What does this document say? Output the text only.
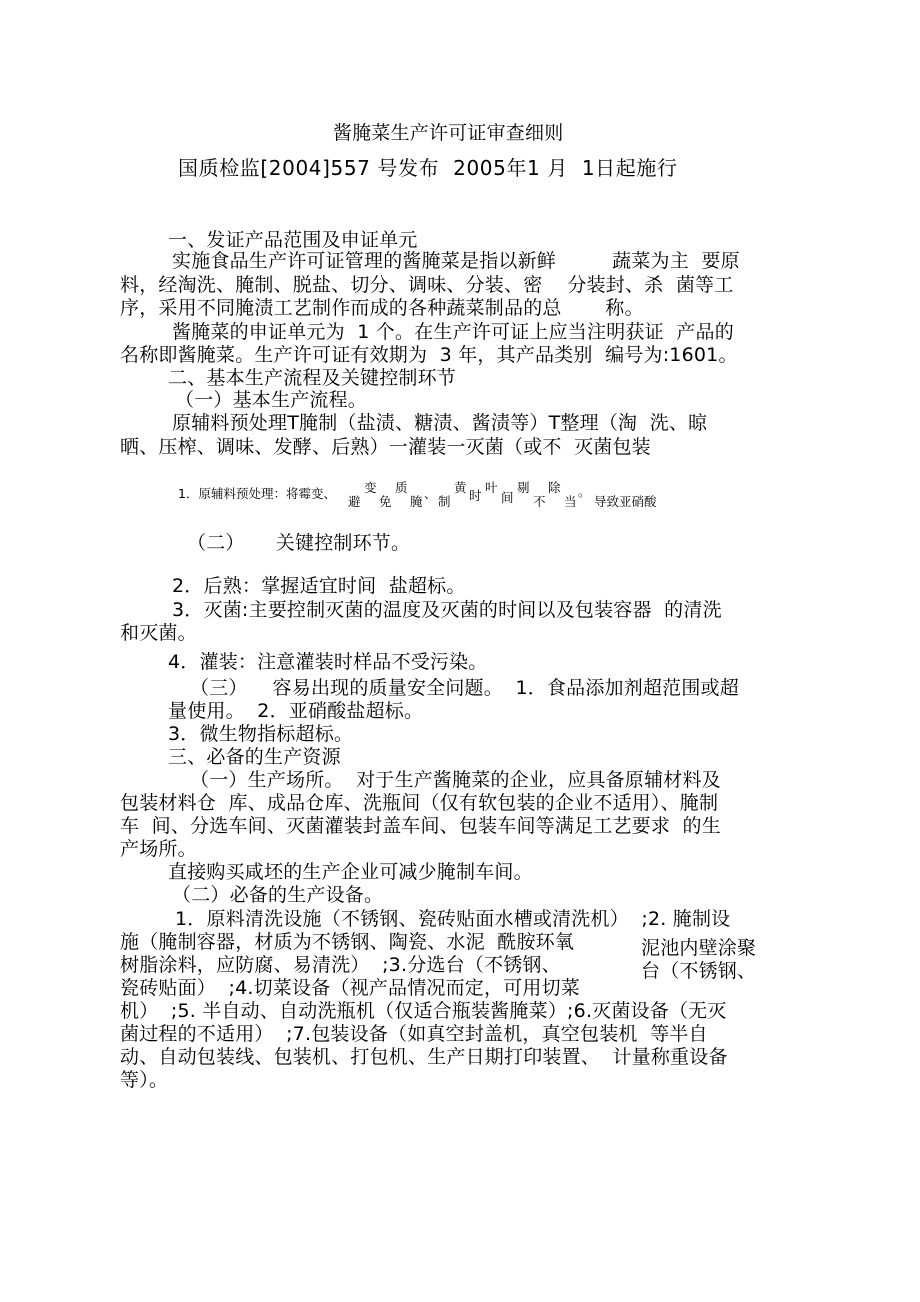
酱腌菜生产许可证审查细则
国质检监[2004]557 号发布  2005年1 月  1日起施行
一、发证产品范围及申证单元
实施食品生产许可证管理的酱腌菜是指以新鲜         蔬菜为主  要原
料，经淘洗、腌制、脱盐、切分、调味、分装、密    分装封、杀  菌等工
序，采用不同腌渍工艺制作而成的各种蔬菜制品的总       称。
酱腌菜的申证单元为  1 个。在生产许可证上应当注明获证  产品的
名称即酱腌菜。生产许可证有效期为  3 年，其产品类别  编号为:1601。
二、基本生产流程及关键控制环节
（一）基本生产流程。
原辅料预处理T腌制（盐渍、糖渍、酱渍等）T整理（淘  洗、晾
晒、压榨、调味、发酵、后熟）一灌装一灭菌（或不  灭菌包装
1．原辅料预处理：将霉变、
避
变
免
质
腌
、
制
黄
时
叶
间
剔
不
除
当
。
导致亚硝酸
（二）     关键控制环节。
2．后熟：掌握适宜时间  盐超标。
3．灭菌:主要控制灭菌的温度及灭菌的时间以及包装容器  的清洗
和灭菌。
4．灌装：注意灌装时样品不受污染。
（三）    容易出现的质量安全问题。  1．食品添加剂超范围或超
量使用。  2．亚硝酸盐超标。
3．微生物指标超标。
三、必备的生产资源
（一）生产场所。  对于生产酱腌菜的企业，应具备原辅材料及
包装材料仓  库、成品仓库、洗瓶间（仅有软包装的企业不适用）、腌制
车  间、分选车间、灭菌灌装封盖车间、包装车间等满足工艺要求  的生
产场所。
直接购买咸坯的生产企业可减少腌制车间。
（二）必备的生产设备。
1．原料清洗设施（不锈钢、瓷砖贴面水槽或清洗机）  ;2. 腌制设
施（腌制容器，材质为不锈钢、陶瓷、水泥  酰胺环氧	泥池内壁涂聚
树脂涂料，应防腐、易清洗）  ;3.分选台（不锈钢、	台（不锈钢、
瓷砖贴面）  ;4.切菜设备（视产品情况而定，可用切菜
机）  ;5. 半自动、自动洗瓶机（仅适合瓶装酱腌菜）;6.灭菌设备（无灭
菌过程的不适用）  ;7.包装设备（如真空封盖机，真空包装机  等半自
动、自动包装线、包装机、打包机、生产日期打印装置、  计量称重设备
等）。
